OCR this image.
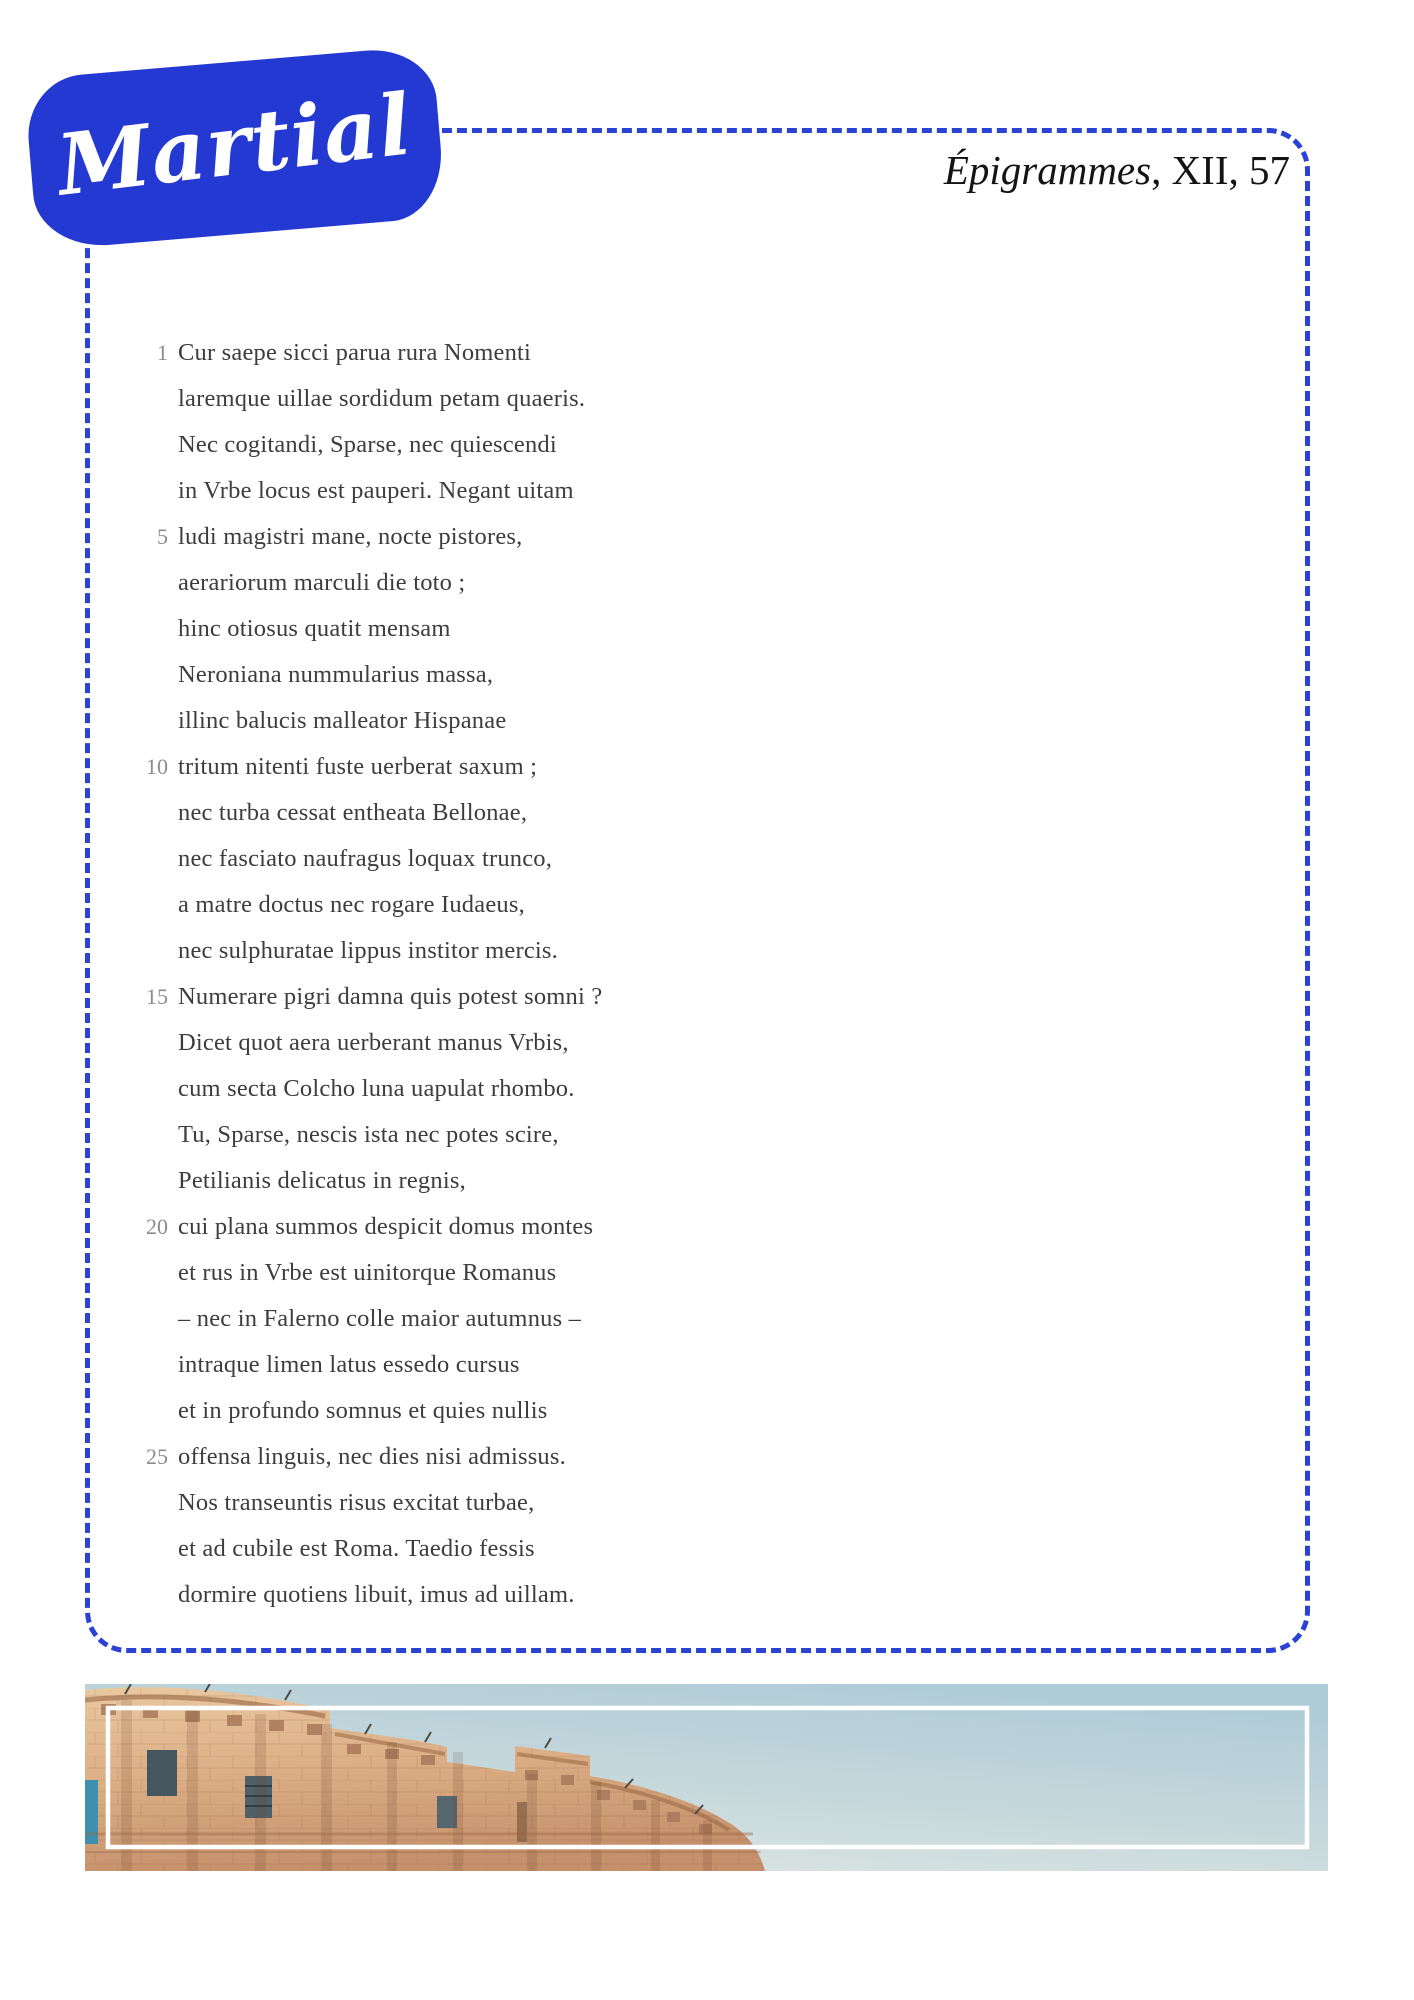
Martial	Épigrammes, XII, 57
1 Cur saepe sicci parua rura Nomenti
laremque uillae sordidum petam quaeris.
Nec cogitandi, Sparse, nec quiescendi
in Vrbe locus est pauperi. Negant uitam
5 ludi magistri mane, nocte pistores,
aerariorum marculi die toto ;
hinc otiosus quatit mensam
Neroniana nummularius massa,
illinc balucis malleator Hispanae
10 tritum nitenti fuste uerberat saxum ;
nec turba cessat entheata Bellonae,
nec fasciato naufragus loquax trunco,
a matre doctus nec rogare Iudaeus,
nec sulphuratae lippus institor mercis.
15 Numerare pigri damna quis potest somni ?
Dicet quot aera uerberant manus Vrbis,
cum secta Colcho luna uapulat rhombo.
Tu, Sparse, nescis ista nec potes scire,
Petilianis delicatus in regnis,
20 cui plana summos despicit domus montes
et rus in Vrbe est uinitorque Romanus
– nec in Falerno colle maior autumnus –
intraque limen latus essedo cursus
et in profundo somnus et quies nullis
25 offensa linguis, nec dies nisi admissus.
Nos transeuntis risus excitat turbae,
et ad cubile est Roma. Taedio fessis
dormire quotiens libuit, imus ad uillam.
